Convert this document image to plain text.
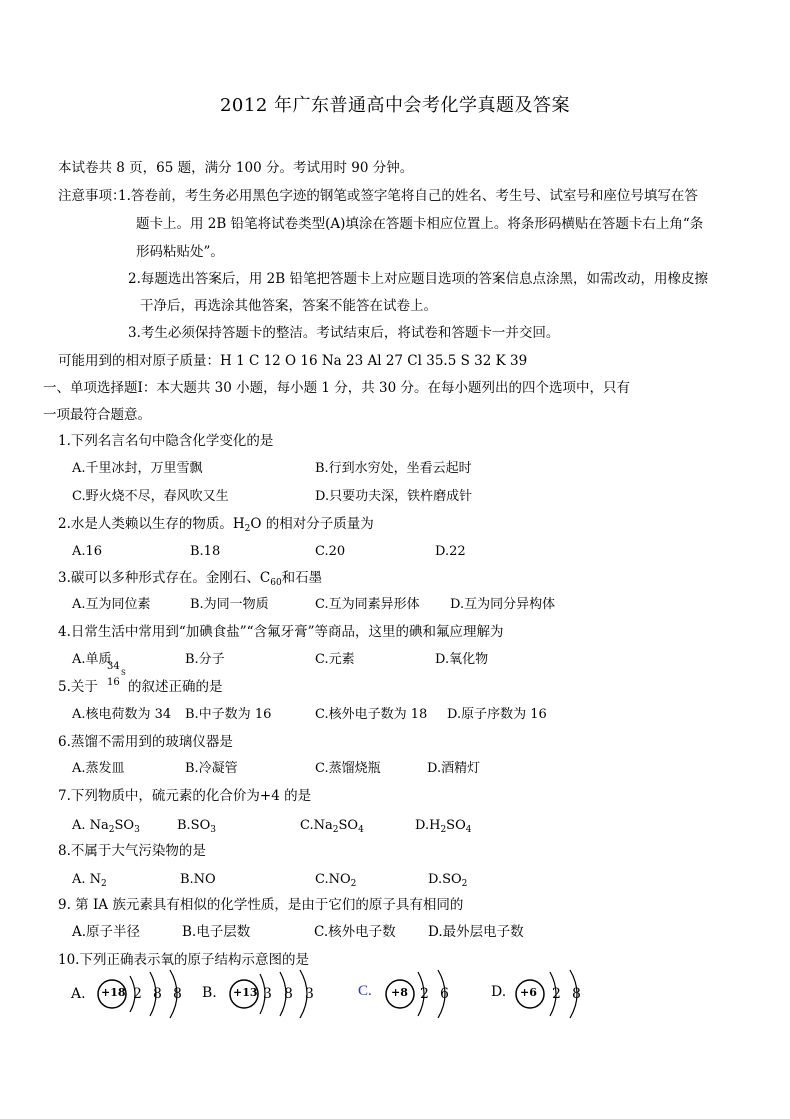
2012 年广东普通高中会考化学真题及答案
本试卷共 8 页，65 题，满分 100 分。考试用时 90 分钟。
注意事项：
1.答卷前，考生务必用黑色字迹的钢笔或签字笔将自己的姓名、考生号、试室号和座位号填写在答
题卡上。用 2B 铅笔将试卷类型(A)填涂在答题卡相应位置上。将条形码横贴在答题卡右上角“条
形码粘贴处”。
2.每题选出答案后，用 2B 铅笔把答题卡上对应题目选项的答案信息点涂黑，如需改动，用橡皮擦
干净后，再选涂其他答案，答案不能答在试卷上。
3.考生必须保持答题卡的整洁。考试结束后，将试卷和答题卡一并交回。
可能用到的相对原子质量：H 1 C 12 O 16 Na 23 Al 27 Cl 35.5 S 32 K 39
一、单项选择题Ⅰ：本大题共 30 小题，每小题 1 分，共 30 分。在每小题列出的四个选项中，只有
一项最符合题意。
1.下列名言名句中隐含化学变化的是
A.千里冰封，万里雪飘	B.行到水穷处，坐看云起时
C.野火烧不尽，春风吹又生	D.只要功夫深，铁杵磨成针
2.水是人类赖以生存的物质。$H_2O$ 的相对分子质量为
A.16	B.18	C.20	D.22
3.碳可以多种形式存在。金刚石、$C_{60}$和石墨
A.互为同位素	B.为同一物质	C.互为同素异形体 D.互为同分异构体
4.日常生活中常用到“加碘食盐”“含氟牙膏”等商品，这里的碘和氟应理解为
A.单质	B.分子	C.元素	D.氧化物
5.关于
34
16
S
的叙述正确的是
A.核电荷数为 34 B.中子数为 16	C.核外电子数为 18 D.原子序数为 16
6.蒸馏不需用到的玻璃仪器是
A.蒸发皿	B.冷凝管	C.蒸馏烧瓶	D.酒精灯
7.下列物质中，硫元素的化合价为+4 的是
A. $Na_2SO_3$	$B.SO_3$	$C.Na_2SO_4$	$D.H_2SO_4$
8.不属于大气污染物的是
A. $N_2$	B.NO	$C.NO_2$	$D.SO_2$
9. 第 IA 族元素具有相似的化学性质，是由于它们的原子具有相同的
A.原子半径	B.电子层数	C.核外电子数 D.最外层电子数
10.下列正确表示氧的原子结构示意图的是
A. +18 2 8 8 B. +13 3 8 3	C. +8 2 6	D. +6 2 8
